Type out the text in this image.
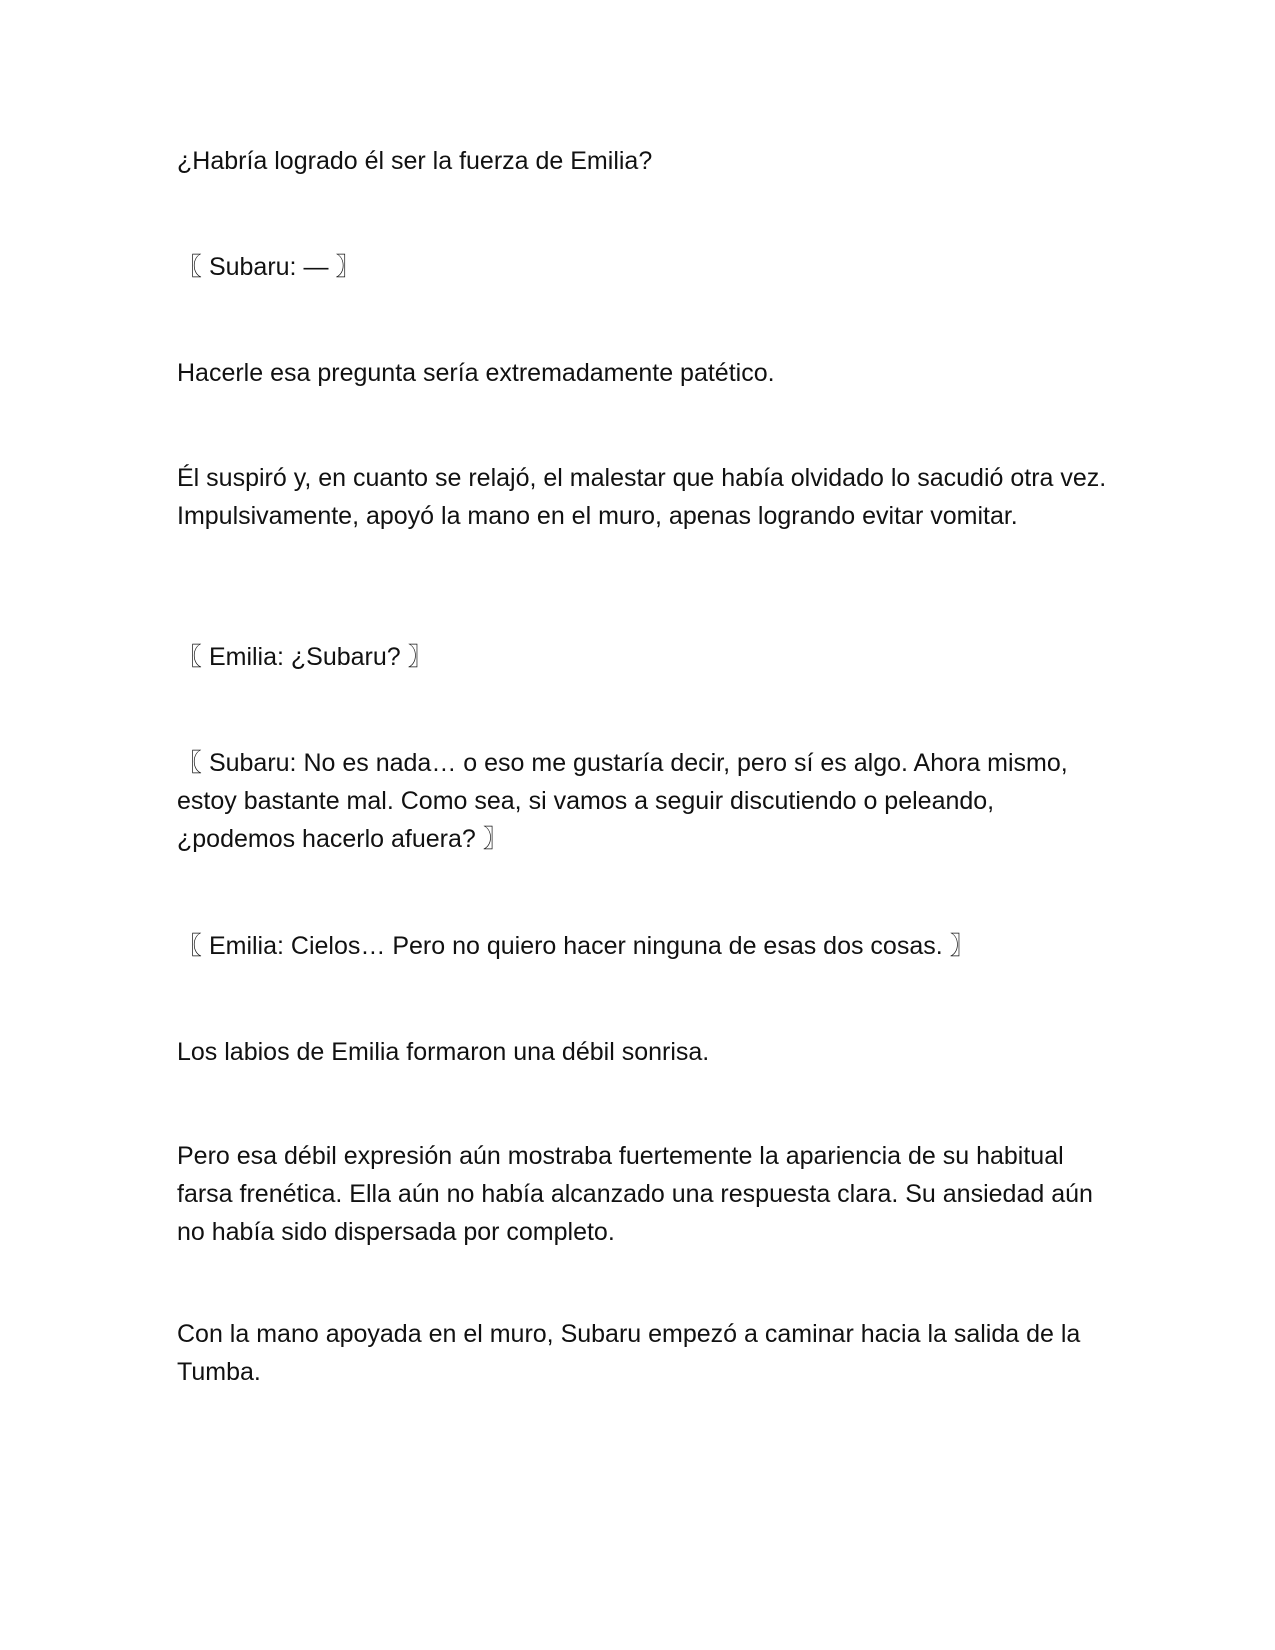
¿Habría logrado él ser la fuerza de Emilia?

〖 Subaru: — 〗

Hacerle esa pregunta sería extremadamente patético.

Él suspiró y, en cuanto se relajó, el malestar que había olvidado lo sacudió otra vez. Impulsivamente, apoyó la mano en el muro, apenas logrando evitar vomitar.

〖 Emilia: ¿Subaru? 〗

〖 Subaru: No es nada… o eso me gustaría decir, pero sí es algo. Ahora mismo, estoy bastante mal. Como sea, si vamos a seguir discutiendo o peleando, ¿podemos hacerlo afuera? 〗

〖 Emilia: Cielos… Pero no quiero hacer ninguna de esas dos cosas. 〗

Los labios de Emilia formaron una débil sonrisa.

Pero esa débil expresión aún mostraba fuertemente la apariencia de su habitual farsa frenética. Ella aún no había alcanzado una respuesta clara. Su ansiedad aún no había sido dispersada por completo.

Con la mano apoyada en el muro, Subaru empezó a caminar hacia la salida de la Tumba.
